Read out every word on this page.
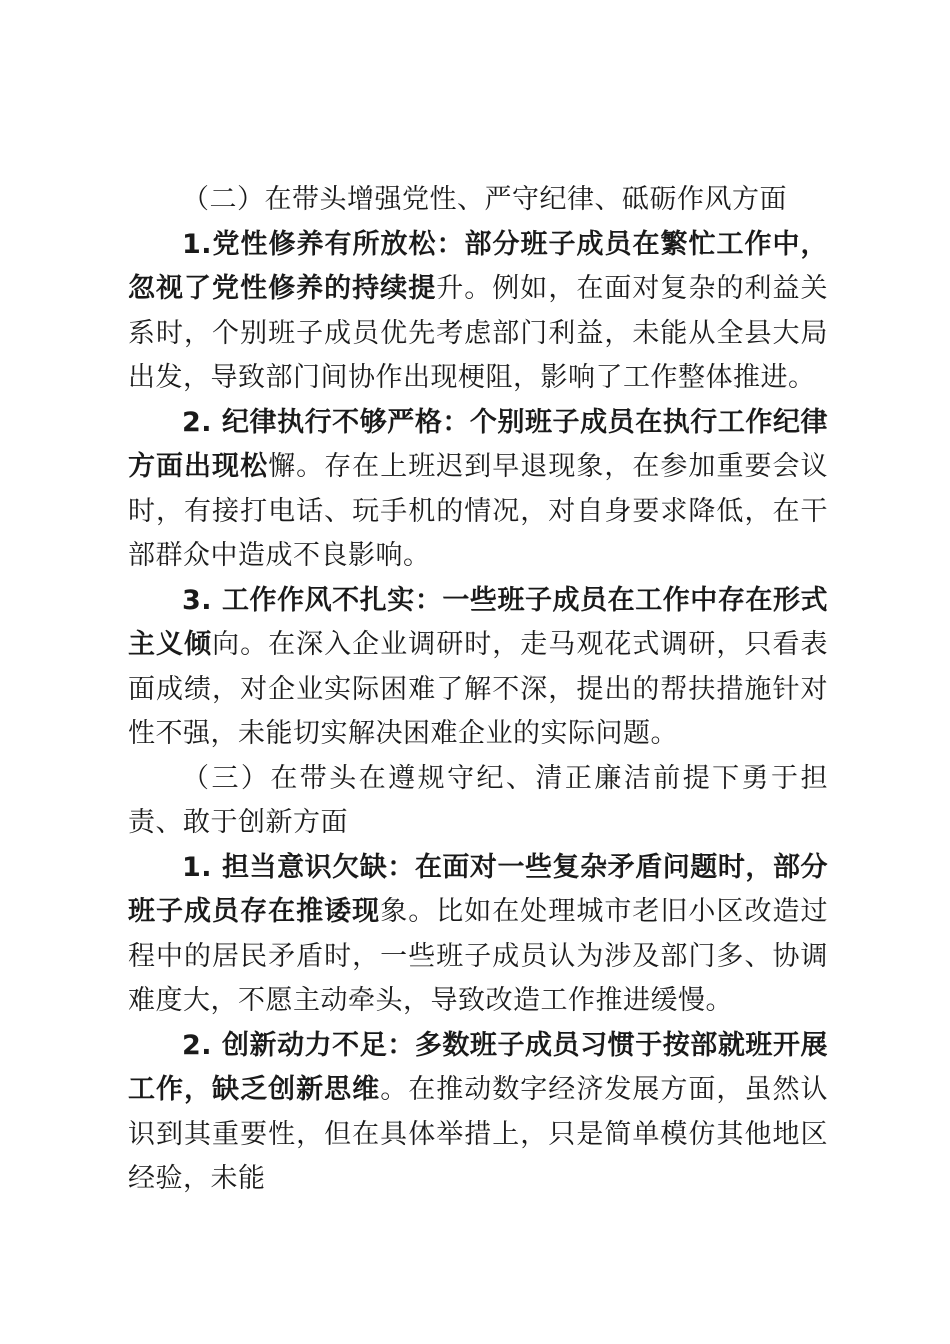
（二）在带头增强党性、严守纪律、砥砺作风方面

1.党性修养有所放松：部分班子成员在繁忙工作中，忽视了党性修养的持续提升。例如，在面对复杂的利益关系时，个别班子成员优先考虑部门利益，未能从全县大局出发，导致部门间协作出现梗阻，影响了工作整体推进。

2. 纪律执行不够严格：个别班子成员在执行工作纪律方面出现松懈。存在上班迟到早退现象，在参加重要会议时，有接打电话、玩手机的情况，对自身要求降低，在干部群众中造成不良影响。

3. 工作作风不扎实：一些班子成员在工作中存在形式主义倾向。在深入企业调研时，走马观花式调研，只看表面成绩，对企业实际困难了解不深，提出的帮扶措施针对性不强，未能切实解决困难企业的实际问题。

（三）在带头在遵规守纪、清正廉洁前提下勇于担责、敢于创新方面

1. 担当意识欠缺：在面对一些复杂矛盾问题时，部分班子成员存在推诿现象。比如在处理城市老旧小区改造过程中的居民矛盾时，一些班子成员认为涉及部门多、协调难度大，不愿主动牵头，导致改造工作推进缓慢。

2. 创新动力不足：多数班子成员习惯于按部就班开展工作，缺乏创新思维。在推动数字经济发展方面，虽然认识到其重要性，但在具体举措上，只是简单模仿其他地区经验，未能
